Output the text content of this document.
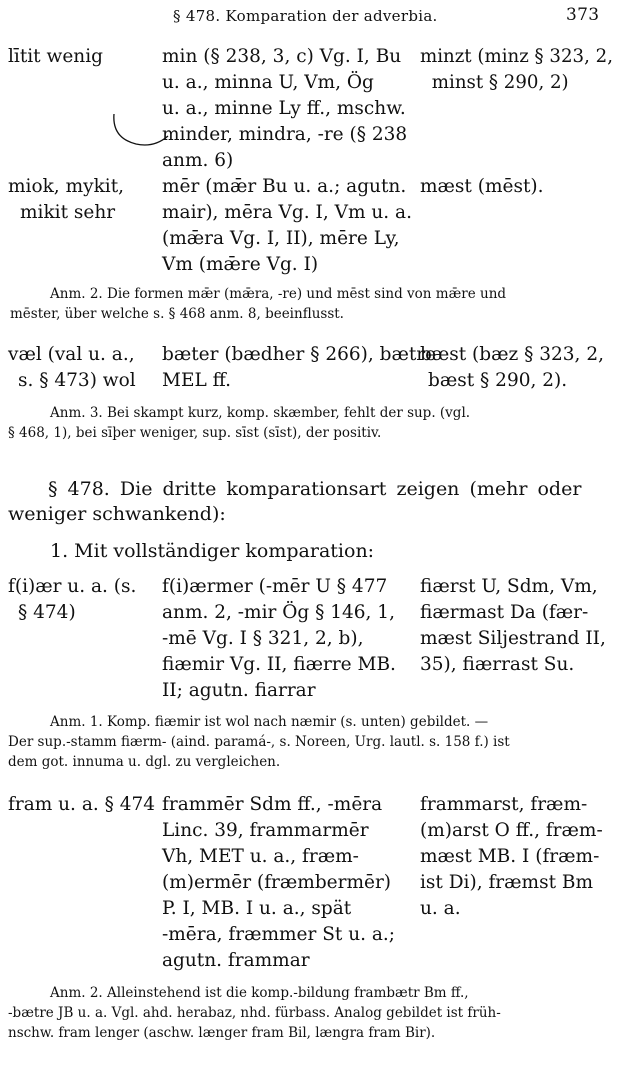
§ 478. Komparation der adverbia.	373
lītit wenig	min (§ 238, 3, c) Vg. I, Bu
u. a., minna U, Vm, Ög
u. a., minne Ly ff., mschw.
minder, mindra, -re (§ 238
anm. 6)
minzt (minz § 323, 2,
minst § 290, 2)
miok, mykit,
mikit sehr
mēr (mǣr Bu u. a.; agutn.
mair), mēra Vg. I, Vm u. a.
(mǣra Vg. I, II), mēre Ly,
Vm (mǣre Vg. I)
mæst (mēst).
Anm. 2. Die formen mǣr (mǣra, -re) und mēst sind von mǣre und
mēster, über welche s. § 468 anm. 8, beeinflusst.
væl (val u. a.,
s. § 473) wol
bæter (bædher § 266), bætre
MEL ff.
bæst (bæz § 323, 2,
bæst § 290, 2).
Anm. 3. Bei skampt kurz, komp. skæmber, fehlt der sup. (vgl.
§ 468, 1), bei sīþer weniger, sup. sīst (sīst), der positiv.
§ 478. Die dritte komparationsart zeigen (mehr oder
weniger schwankend):
1. Mit vollständiger komparation:
f(i)ær u. a. (s.
§ 474)
f(i)ærmer (-mēr U § 477
anm. 2, -mir Ög § 146, 1,
-mē Vg. I § 321, 2, b),
fiæmir Vg. II, fiærre MB.
II; agutn. fiarrar
fiærst U, Sdm, Vm,
fiærmast Da (fær-
mæst Siljestrand II,
35), fiærrast Su.
Anm. 1. Komp. fiæmir ist wol nach næmir (s. unten) gebildet. —
Der sup.-stamm fiærm- (aind. paramá-, s. Noreen, Urg. lautl. s. 158 f.) ist
dem got. innuma u. dgl. zu vergleichen.
fram u. a. § 474 frammēr Sdm ff., -mēra
Linc. 39, frammarmēr
Vh, MET u. a., fræm-
(m)ermēr (fræmbermēr)
P. I, MB. I u. a., spät
-mēra, fræmmer St u. a.;
agutn. frammar
frammarst, fræm-
(m)arst O ff., fræm-
mæst MB. I (fræm-
ist Di), fræmst Bm
u. a.
Anm. 2. Alleinstehend ist die komp.-bildung frambætr Bm ff.,
-bætre JB u. a. Vgl. ahd. herabaz, nhd. fürbass. Analog gebildet ist früh-
nschw. fram lenger (aschw. længer fram Bil, længra fram Bir).
